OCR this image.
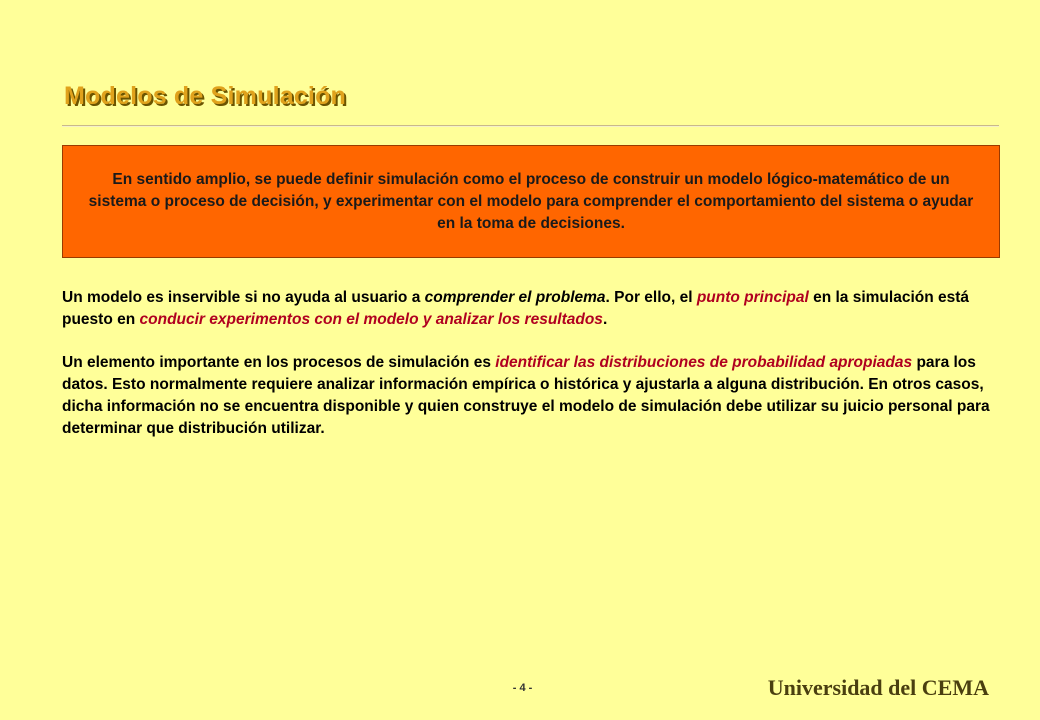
Modelos de Simulación

En sentido amplio, se puede definir simulación como el proceso de construir un modelo lógico-matemático de un sistema o proceso de decisión, y experimentar con el modelo para comprender el comportamiento del sistema o ayudar en la toma de decisiones.

Un modelo es inservible si no ayuda al usuario a comprender el problema. Por ello, el punto principal en la simulación está puesto en conducir experimentos con el modelo y analizar los resultados.

Un elemento importante en los procesos de simulación es identificar las distribuciones de probabilidad apropiadas para los datos. Esto normalmente requiere analizar información empírica o histórica y ajustarla a alguna distribución. En otros casos, dicha información no se encuentra disponible y quien construye el modelo de simulación debe utilizar su juicio personal para determinar que distribución utilizar.

- 4 -	Universidad del CEMA
